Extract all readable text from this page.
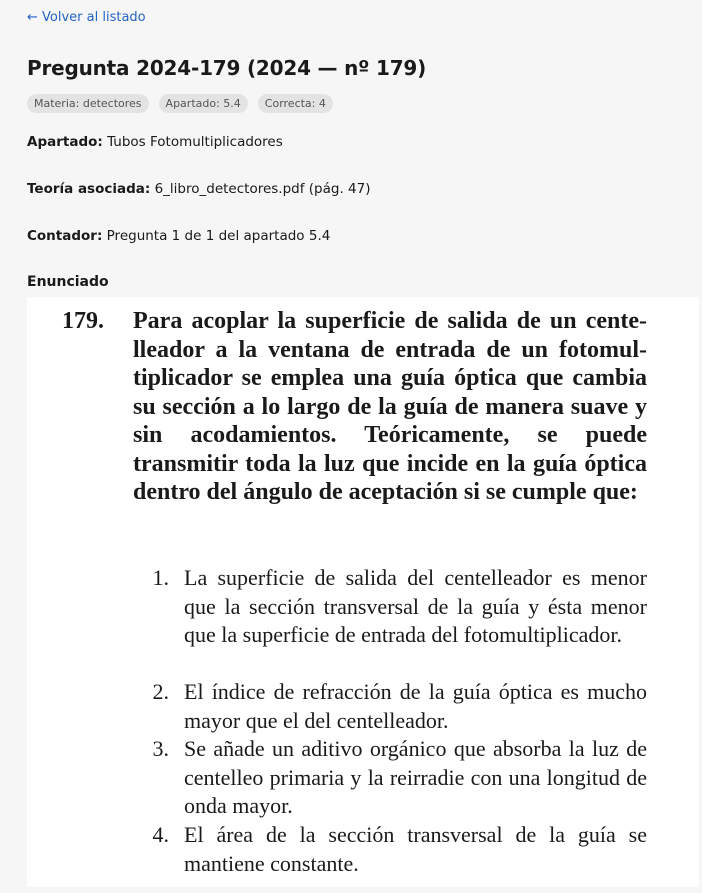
← Volver al listado
Pregunta 2024-179 (2024 — nº 179)
Materia: detectores	Apartado: 5.4	Correcta: 4

Apartado: Tubos Fotomultiplicadores

Teoría asociada: 6_libro_detectores.pdf (pág. 47)

Contador: Pregunta 1 de 1 del apartado 5.4

Enunciado
179. Para acoplar la superficie de salida de un centelleador a la ventana de entrada de un fotomultiplicador se emplea una guía óptica que cambia su sección a lo largo de la guía de manera suave y sin acodamientos. Teóricamente, se puede transmitir toda la luz que incide en la guía óptica dentro del ángulo de aceptación si se cumple que:

1. La superficie de salida del centelleador es menor que la sección transversal de la guía y ésta menor que la superficie de entrada del fotomultiplicador.

2. El índice de refracción de la guía óptica es mucho mayor que el del centelleador.

3. Se añade un aditivo orgánico que absorba la luz de centelleo primaria y la reirradie con una longitud de onda mayor.

4. El área de la sección transversal de la guía se mantiene constante.
